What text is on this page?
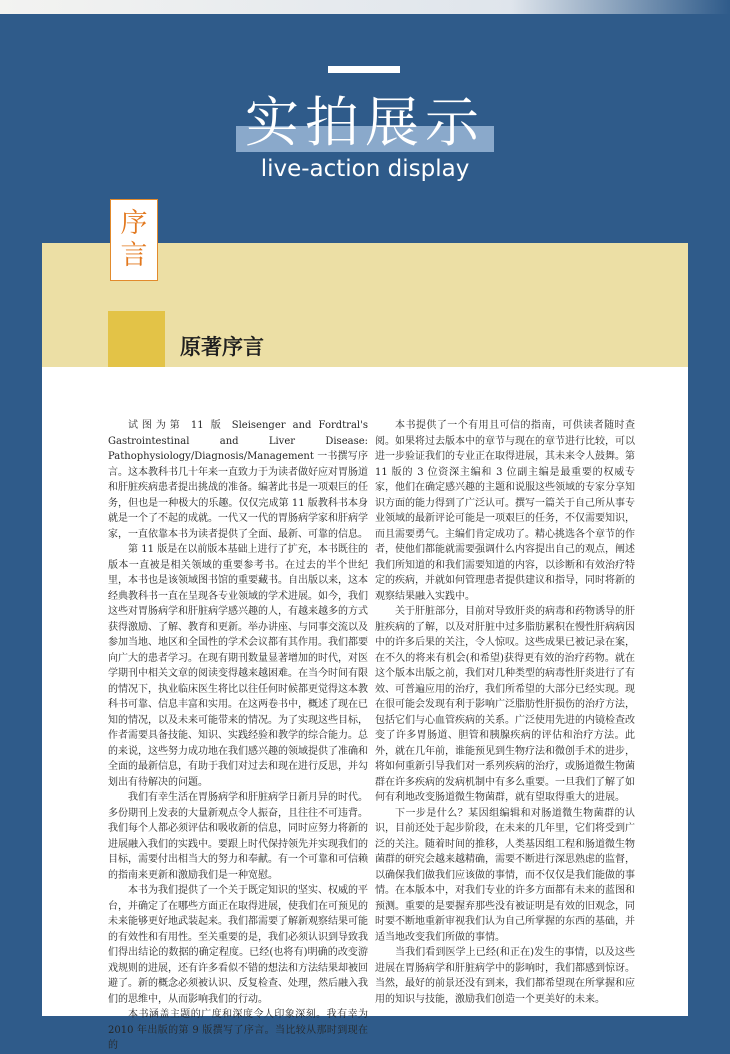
实拍展示
live-action display
序
言
原著序言

试图为第 11 版 Sleisenger and Fordtral's Gastrointestinal and Liver Disease: Pathophysiology/Diagnosis/Management 一书撰写序言。这本教科书几十年来一直致力于为读者做好应对胃肠道和肝脏疾病患者提出挑战的准备。编著此书是一项艰巨的任务，但也是一种极大的乐趣。仅仅完成第 11 版教科书本身就是一个了不起的成就。一代又一代的胃肠病学家和肝病学家，一直依靠本书为读者提供了全面、最新、可靠的信息。

第 11 版是在以前版本基础上进行了扩充，本书既往的版本一直被是相关领域的重要参考书。在过去的半个世纪里，本书也是该领域图书馆的重要藏书。自出版以来，这本经典教科书一直在呈现各专业领域的学术进展。如今，我们这些对胃肠病学和肝脏病学感兴趣的人，有越来越多的方式获得激励、了解、教育和更新。举办讲座、与同事交流以及参加当地、地区和全国性的学术会议都有其作用。我们都要向广大的患者学习。在现有期刊数量显著增加的时代，对医学期刊中相关文章的阅读变得越来越困难。在当今时间有限的情况下，执业临床医生将比以往任何时候都更觉得这本教科书可靠、信息丰富和实用。在这两卷书中，概述了现在已知的情况，以及未来可能带来的情况。为了实现这些目标，作者需要具备技能、知识、实践经验和教学的综合能力。总的来说，这些努力成功地在我们感兴趣的领域提供了准确和全面的最新信息，有助于我们对过去和现在进行反思，并勾划出有待解决的问题。

我们有幸生活在胃肠病学和肝脏病学日新月异的时代。多份期刊上发表的大量新观点令人振奋，且往往不可违背。我们每个人都必须评估和吸收新的信息，同时应努力将新的进展融入我们的实践中。要跟上时代保持领先并实现我们的目标，需要付出相当大的努力和奉献。有一个可靠和可信赖的指南来更新和激励我们是一种宽慰。

本书为我们提供了一个关于既定知识的坚实、权威的平台，并确定了在哪些方面正在取得进展，使我们在可预见的未来能够更好地武装起来。我们都需要了解新观察结果可能的有效性和有用性。至关重要的是，我们必须认识到导致我们得出结论的数据的确定程度。已经(也将有)明确的改变游戏规则的进展，还有许多看似不错的想法和方法结果却被回避了。新的概念必须被认识、反复检查、处理，然后融入我们的思维中，从而影响我们的行动。

本书涵盖主题的广度和深度令人印象深刻。我有幸为 2010 年出版的第 9 版撰写了序言。当比较从那时到现在的

本书提供了一个有用且可信的指南，可供读者随时查阅。如果将过去版本中的章节与现在的章节进行比较，可以进一步验证我们的专业正在取得进展，其未来令人鼓舞。第 11 版的 3 位资深主编和 3 位副主编是最重要的权威专家，他们在确定感兴趣的主题和说服这些领域的专家分享知识方面的能力得到了广泛认可。撰写一篇关于自己所从事专业领域的最新评论可能是一项艰巨的任务，不仅需要知识，而且需要勇气。主编们肯定成功了。精心挑选各个章节的作者，使他们都能就需要强调什么内容提出自己的观点，阐述我们所知道的和我们需要知道的内容，以诊断和有效治疗特定的疾病，并就如何管理患者提供建议和指导，同时将新的观察结果融入实践中。

关于肝脏部分，目前对导致肝炎的病毒和药物诱导的肝脏疾病的了解，以及对肝脏中过多脂肪累积在慢性肝病病因中的许多后果的关注，令人惊叹。这些成果已被记录在案，在不久的将来有机会(和希望)获得更有效的治疗药物。就在这个版本出版之前，我们对几种类型的病毒性肝炎进行了有效、可普遍应用的治疗，我们所希望的大部分已经实现。现在很可能会发现有利于影响广泛脂肪性肝损伤的治疗方法，包括它们与心血管疾病的关系。广泛使用先进的内镜检查改变了许多胃肠道、胆管和胰腺疾病的评估和治疗方法。此外，就在几年前，谁能预见到生物疗法和微创手术的进步，将如何重新引导我们对一系列疾病的治疗，或肠道微生物菌群在许多疾病的发病机制中有多么重要。一旦我们了解了如何有利地改变肠道微生物菌群，就有望取得重大的进展。

下一步是什么？某因组编辑和对肠道微生物菌群的认识，目前还处于起步阶段，在未来的几年里，它们将受到广泛的关注。随着时间的推移，人类基因组工程和肠道微生物菌群的研究会越来越精确，需要不断进行深思熟虑的监督，以确保我们做我们应该做的事情，而不仅仅是我们能做的事情。在本版本中，对我们专业的许多方面都有未来的蓝图和预测。重要的是要握弃那些没有被证明是有效的旧观念，同时要不断地重新审视我们认为自己所掌握的东西的基础，并适当地改变我们所做的事情。

当我们看到医学上已经(和正在)发生的事情，以及这些进展在胃肠病学和肝脏病学中的影响时，我们都感到惊讶。当然，最好的前景还没有到来，我们都希望现在所掌握和应用的知识与技能，激励我们创造一个更美好的未来。
